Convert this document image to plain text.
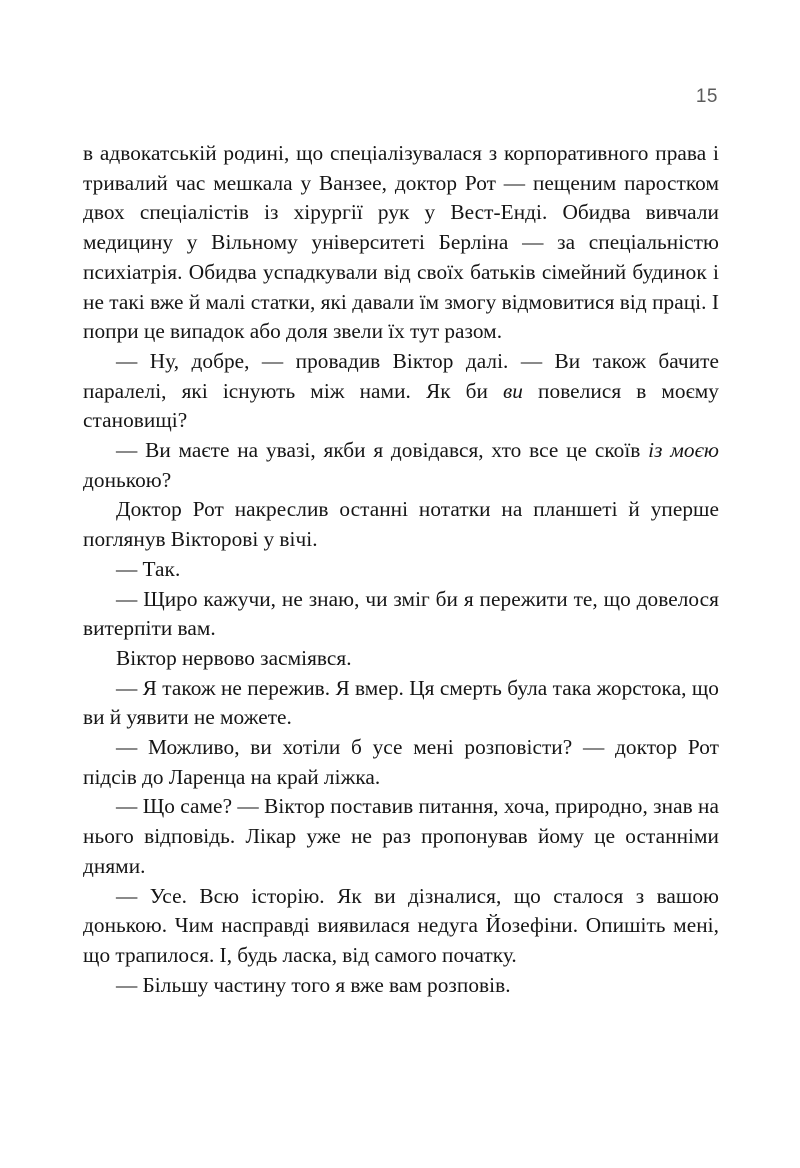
15

в адвокатській родині, що спеціалізувалася з корпоративного права і тривалий час мешкала у Ванзее, доктор Рот — пещеним паростком двох спеціалістів із хірургії рук у Вест-Енді. Обидва вивчали медицину у Вільному університеті Берліна — за спеціальністю психіатрія. Обидва успадкували від своїх батьків сімейний будинок і не такі вже й малі статки, які давали їм змогу відмовитися від праці. І попри це випадок або доля звели їх тут разом.

— Ну, добре, — провадив Віктор далі. — Ви також бачите паралелі, які існують між нами. Як би ви повелися в моєму становищі?

— Ви маєте на увазі, якби я довідався, хто все це скоїв із моєю донькою?

Доктор Рот накреслив останні нотатки на планшеті й уперше поглянув Вікторові у вічі.

— Так.

— Щиро кажучи, не знаю, чи зміг би я пережити те, що довелося витерпіти вам.

Віктор нервово засміявся.

— Я також не пережив. Я вмер. Ця смерть була така жорстока, що ви й уявити не можете.

— Можливо, ви хотіли б усе мені розповісти? — доктор Рот підсів до Ларенца на край ліжка.

— Що саме? — Віктор поставив питання, хоча, природно, знав на нього відповідь. Лікар уже не раз пропонував йому це останніми днями.

— Усе. Всю історію. Як ви дізналися, що сталося з вашою донькою. Чим насправді виявилася недуга Йозефіни. Опишіть мені, що трапилося. І, будь ласка, від самого початку.

— Більшу частину того я вже вам розповів.
